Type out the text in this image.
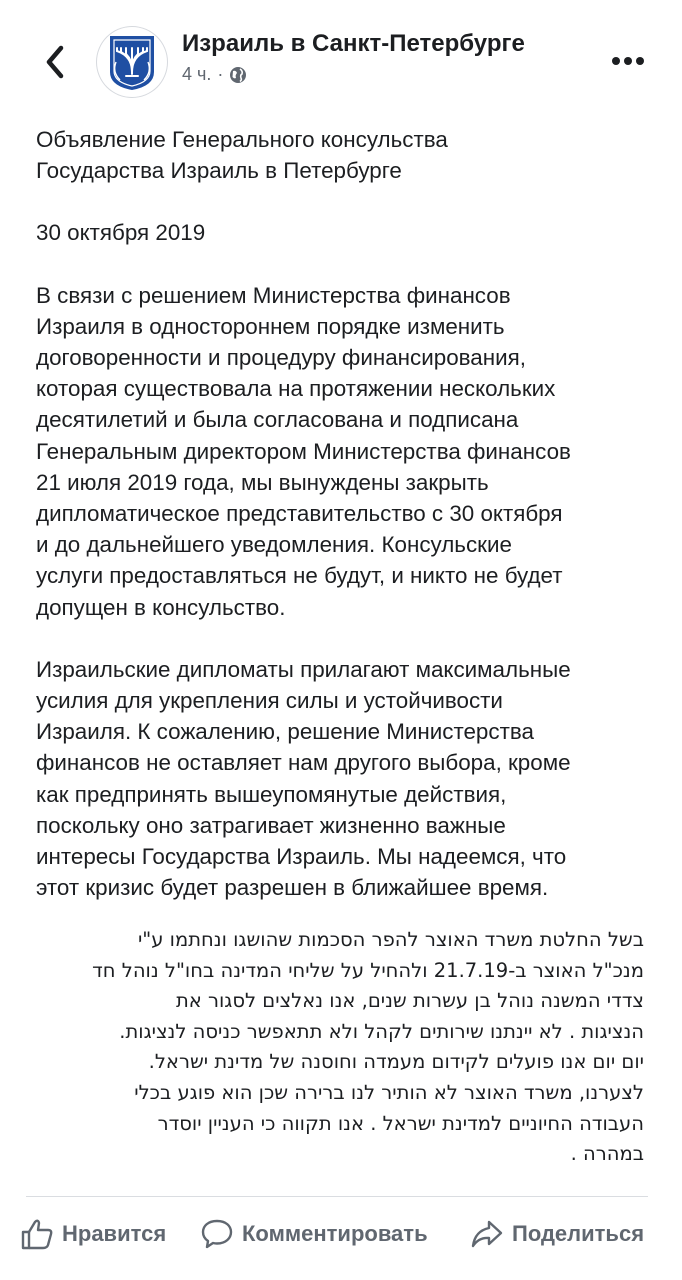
Израиль в Санкт-Петербурге
4 ч. ·

Объявление Генерального консульства
Государства Израиль в Петербурге

30 октября 2019

В связи с решением Министерства финансов
Израиля в одностороннем порядке изменить
договоренности и процедуру финансирования,
которая существовала на протяжении нескольких
десятилетий и была согласована и подписана
Генеральным директором Министерства финансов
21 июля 2019 года, мы вынуждены закрыть
дипломатическое представительство с 30 октября
и до дальнейшего уведомления. Консульские
услуги предоставляться не будут, и никто не будет
допущен в консульство.

Израильские дипломаты прилагают максимальные
усилия для укрепления силы и устойчивости
Израиля. К сожалению, решение Министерства
финансов не оставляет нам другого выбора, кроме
как предпринять вышеупомянутые действия,
поскольку оно затрагивает жизненно важные
интересы Государства Израиль. Мы надеемся, что
этот кризис будет разрешен в ближайшее время.

בשל החלטת משרד האוצר להפר הסכמות שהושגו ונחתמו ע"י
מנכ"ל האוצר ב-21.7.19 ולהחיל על שליחי המדינה בחו"ל נוהל חד
צדדי המשנה נוהל בן עשרות שנים, אנו נאלצים לסגור את
הנציגות . לא יינתנו שירותים לקהל ולא תתאפשר כניסה לנציגות.
יום יום אנו פועלים לקידום מעמדה וחוסנה של מדינת ישראל.
לצערנו, משרד האוצר לא הותיר לנו ברירה שכן הוא פוגע בכלי
העבודה החיוניים למדינת ישראל . אנו תקווה כי העניין יוסדר
במהרה .
Нравится	Комментировать	Поделиться
